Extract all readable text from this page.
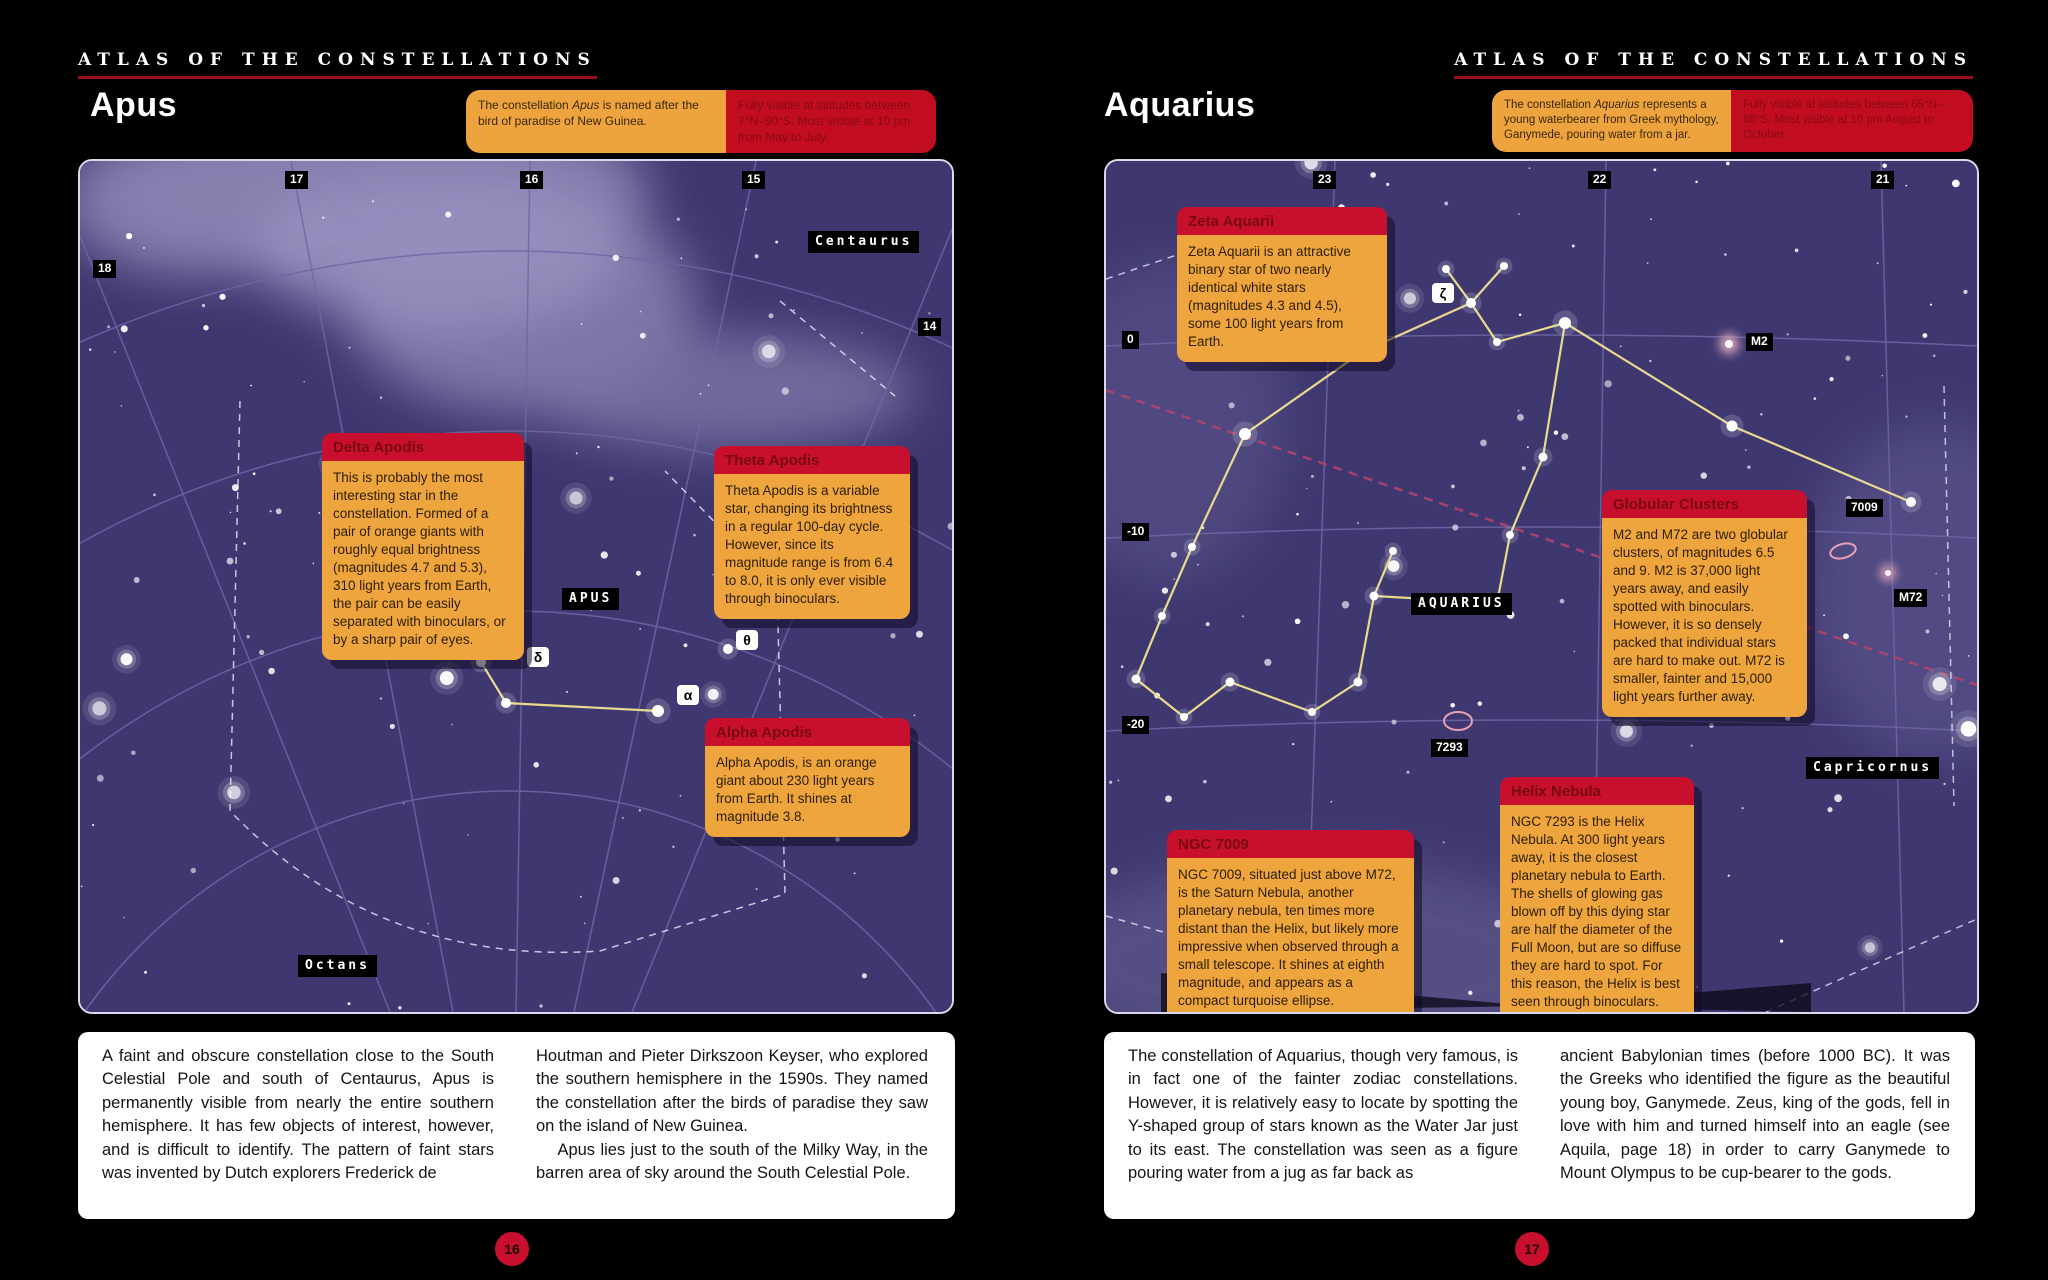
ATLAS OF THE CONSTELLATIONS
Apus	The constellation Apus is named after the bird of paradise of New Guinea.
Fully visible at latitudes between 7°N–90°S. Most visible at 10 pm from May to July.
17	16	15
18
14
Centaurus
APUS
Octans
δ
α
θ
Delta Apodis
This is probably the most interesting star in the constellation. Formed of a pair of orange giants with roughly equal brightness (magnitudes 4.7 and 5.3), 310 light years from Earth, the pair can be easily separated with binoculars, or by a sharp pair of eyes.
Theta Apodis
Theta Apodis is a variable star, changing its brightness in a regular 100-day cycle. However, since its magnitude range is from 6.4 to 8.0, it is only ever visible through binoculars.
Alpha Apodis
Alpha Apodis, is an orange giant about 230 light years from Earth. It shines at magnitude 3.8.

A faint and obscure constellation close to the South Celestial Pole and south of Centaurus, Apus is permanently visible from nearly the entire southern hemisphere. It has few objects of interest, however, and is difficult to identify. The pattern of faint stars was invented by Dutch explorers Frederick de

Houtman and Pieter Dirkszoon Keyser, who explored the southern hemisphere in the 1590s. They named the constellation after the birds of paradise they saw on the island of New Guinea.

Apus lies just to the south of the Milky Way, in the barren area of sky around the South Celestial Pole.

16
ATLAS OF THE CONSTELLATIONS
Aquarius	The constellation Aquarius represents a young waterbearer from Greek mythology, Ganymede, pouring water from a jar.
Fully visible at latitudes between 65°N–86°S. Most visible at 10 pm August to October.
23	22	21
0
-10
-20
ζ
M2
7009
M72
7293
AQUARIUS
Capricornus
Zeta Aquarii
Zeta Aquarii is an attractive binary star of two nearly identical white stars (magnitudes 4.3 and 4.5), some 100 light years from Earth.
Globular Clusters
M2 and M72 are two globular clusters, of magnitudes 6.5 and 9. M2 is 37,000 light years away, and easily spotted with binoculars. However, it is so densely packed that individual stars are hard to make out. M72 is smaller, fainter and 15,000 light years further away.
NGC 7009
NGC 7009, situated just above M72, is the Saturn Nebula, another planetary nebula, ten times more distant than the Helix, but likely more impressive when observed through a small telescope. It shines at eighth magnitude, and appears as a compact turquoise ellipse.
Helix Nebula
NGC 7293 is the Helix Nebula. At 300 light years away, it is the closest planetary nebula to Earth. The shells of glowing gas blown off by this dying star are half the diameter of the Full Moon, but are so diffuse they are hard to spot. For this reason, the Helix is best seen through binoculars.

The constellation of Aquarius, though very famous, is in fact one of the fainter zodiac constellations. However, it is relatively easy to locate by spotting the Y-shaped group of stars known as the Water Jar just to its east. The constellation was seen as a figure pouring water from a jug as far back as

ancient Babylonian times (before 1000 BC). It was the Greeks who identified the figure as the beautiful young boy, Ganymede. Zeus, king of the gods, fell in love with him and turned himself into an eagle (see Aquila, page 18) in order to carry Ganymede to Mount Olympus to be cup-bearer to the gods.

17
